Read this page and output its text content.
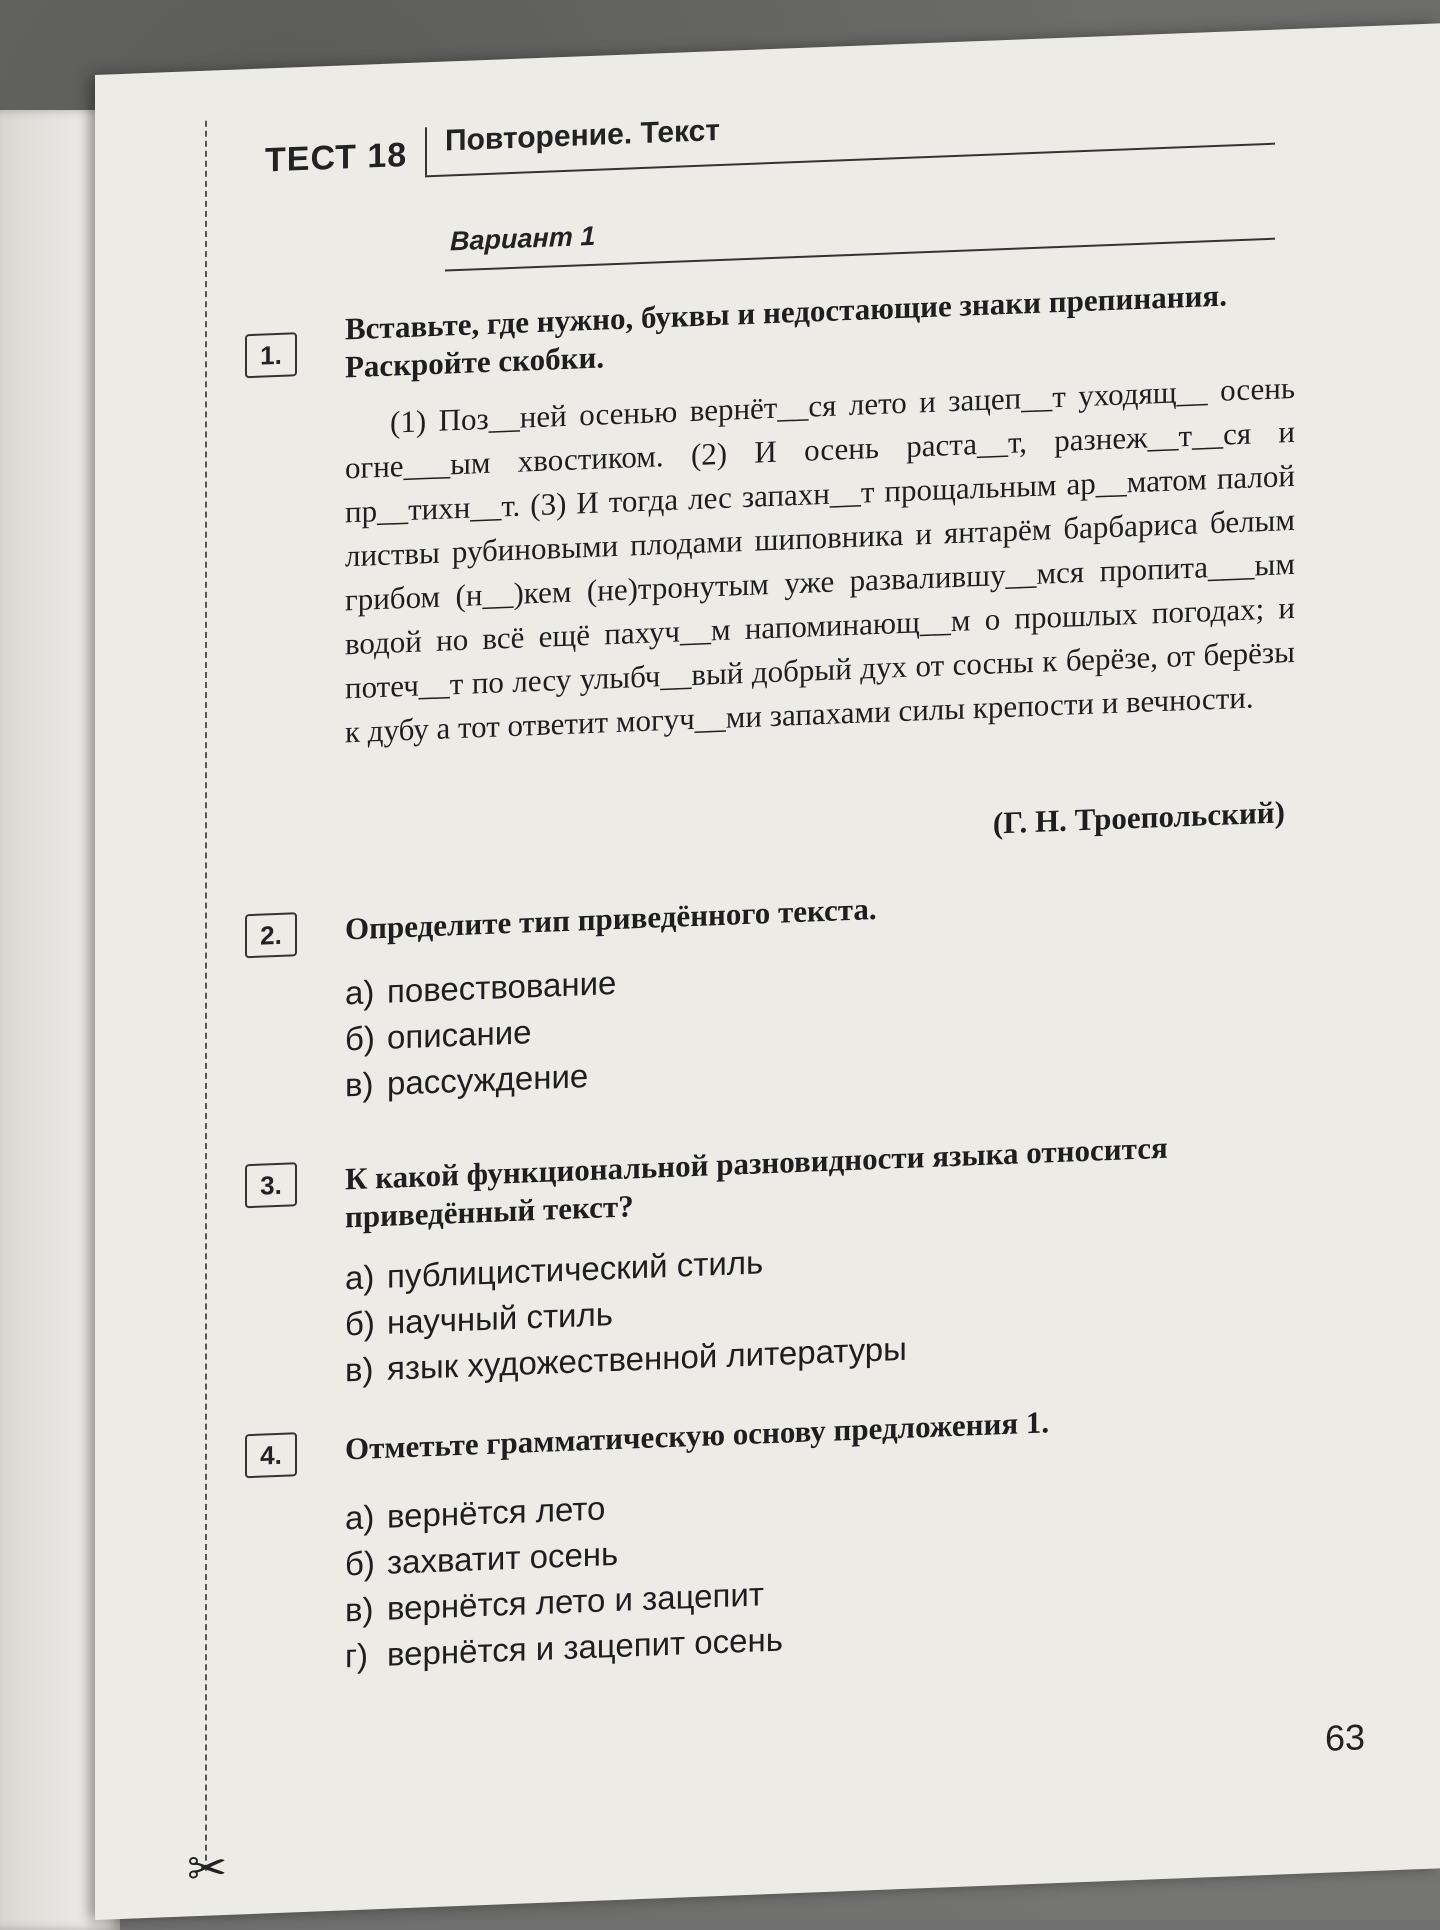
✂
ТЕСТ 18
Повторение. Текст
Вариант 1
1.
Вставьте, где нужно, буквы и недостающие знаки препинания. Раскройте скобки.

(1) Поз__ней осенью вернёт__ся лето и зацеп__т уходящ__ осень огне___ым хвостиком. (2) И осень раста__т, разнеж__т__ся и пр__тихн__т. (3) И тогда лес запахн__т прощальным ар__матом палой листвы рубиновыми плодами шиповника и янтарём барбариса белым грибом (н__)кем (не)тронутым уже развалившу__мся пропита___ым водой но всё ещё пахуч__м напоминающ__м о прошлых погодах; и потеч__т по лесу улыбч__вый добрый дух от сосны к берёзе, от берёзы к дубу а тот ответит могуч__ми запахами силы крепости и вечности.

(Г. Н. Троепольский)
2.	Определите тип приведённого текста.
а) повествование
б) описание
в) рассуждение
3.	К какой функциональной разновидности языка относится приведённый текст?
а) публицистический стиль
б) научный стиль
в) язык художественной литературы
4.	Отметьте грамматическую основу предложения 1.
а) вернётся лето
б) захватит осень
в) вернётся лето и зацепит
г) вернётся и зацепит осень
63
